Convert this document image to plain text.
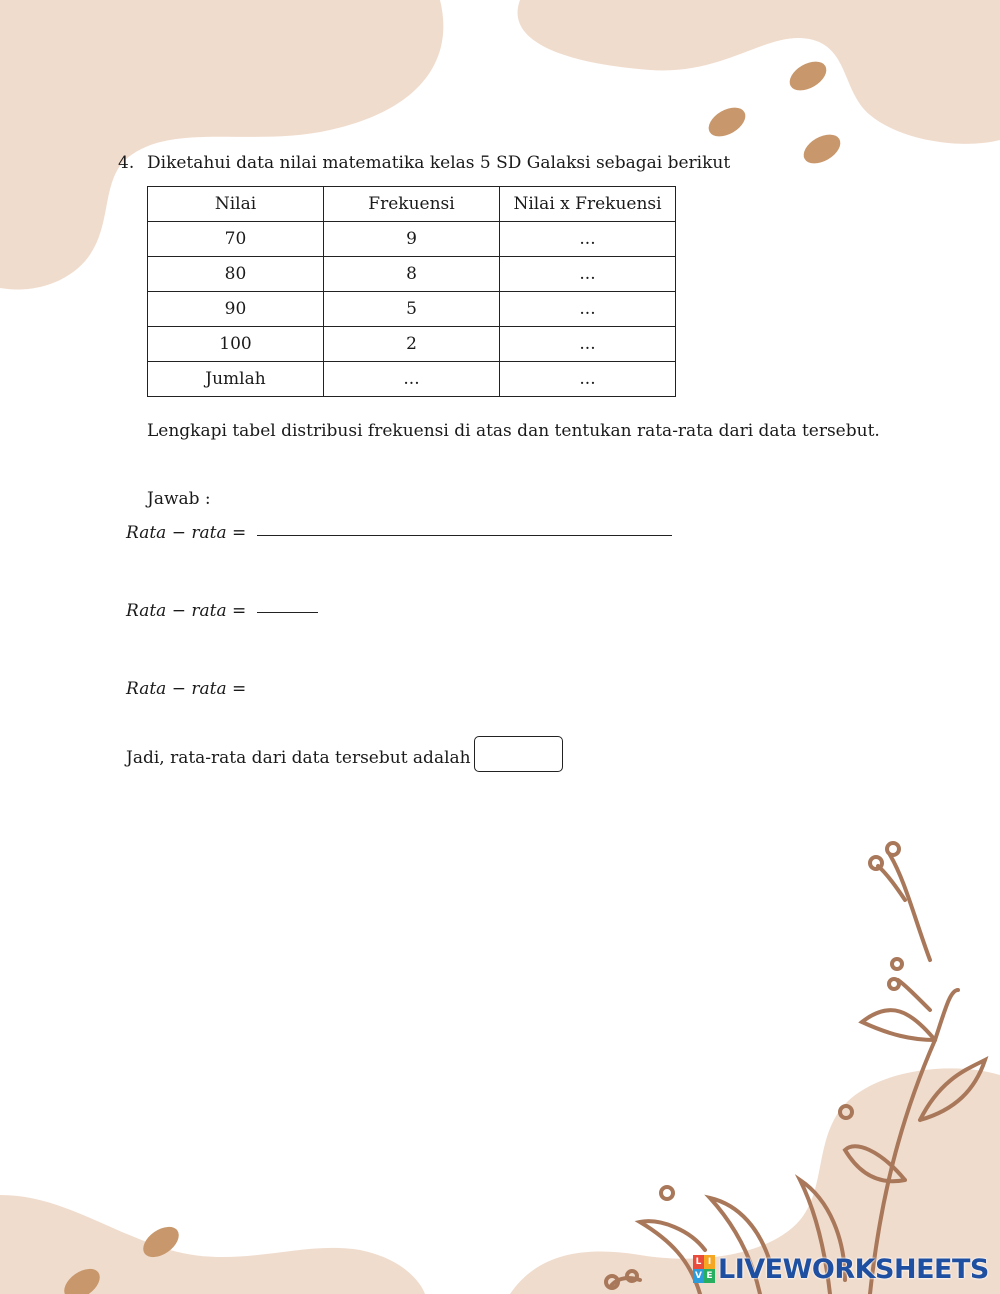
4. Diketahui data nilai matematika kelas 5 SD Galaksi sebagai berikut
Nilai	Frekuensi	Nilai x Frekuensi
70	9	...
80	8	...
90	5	...
100	2	...
Jumlah	...	...
Lengkapi tabel distribusi frekuensi di atas dan tentukan rata-rata dari data tersebut.
Jawab :
Rata − rata =
Rata − rata =
Rata − rata =
Jadi, rata-rata dari data tersebut adalah
L I
V E LIVEWORKSHEETS
